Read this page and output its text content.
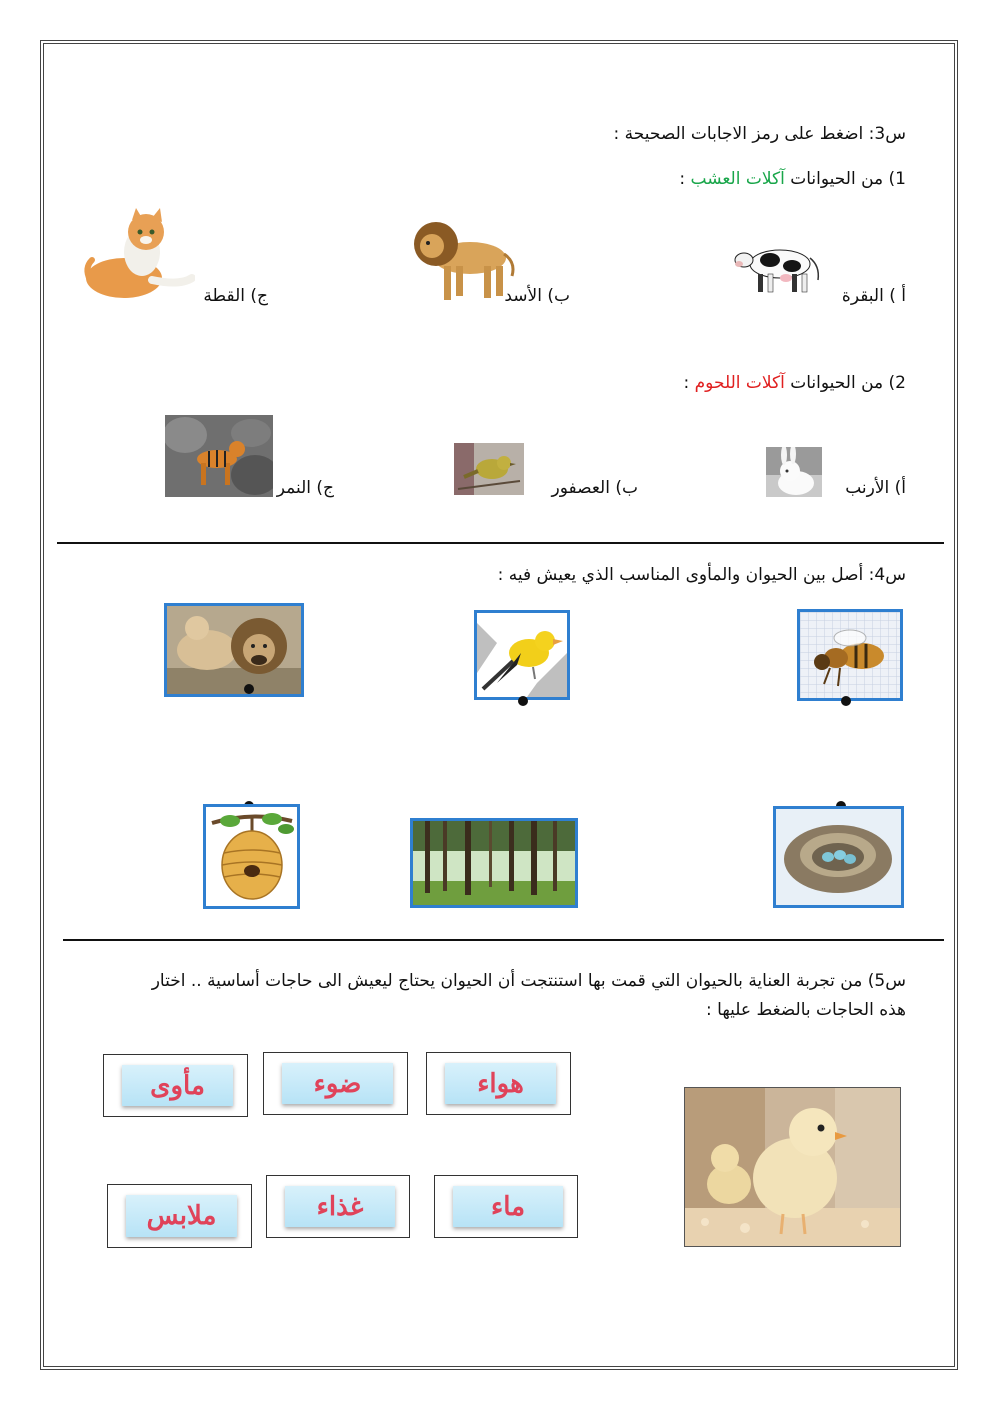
س3: اضغط على رمز الاجابات الصحيحة :
1) من الحيوانات آكلات العشب :
أ ) البقرة
ب) الأسد
ج) القطة
2) من الحيوانات آكلات اللحوم :
أ) الأرنب
ب) العصفور
ج) النمر
س4: أصل بين الحيوان والمأوى المناسب الذي يعيش فيه :
س5) من تجربة العناية بالحيوان التي قمت بها استنتجت أن الحيوان يحتاج ليعيش الى حاجات أساسية .. اختار
هذه الحاجات بالضغط عليها :
هواء
ضوء
مأوى
ماء
غذاء
ملابس
